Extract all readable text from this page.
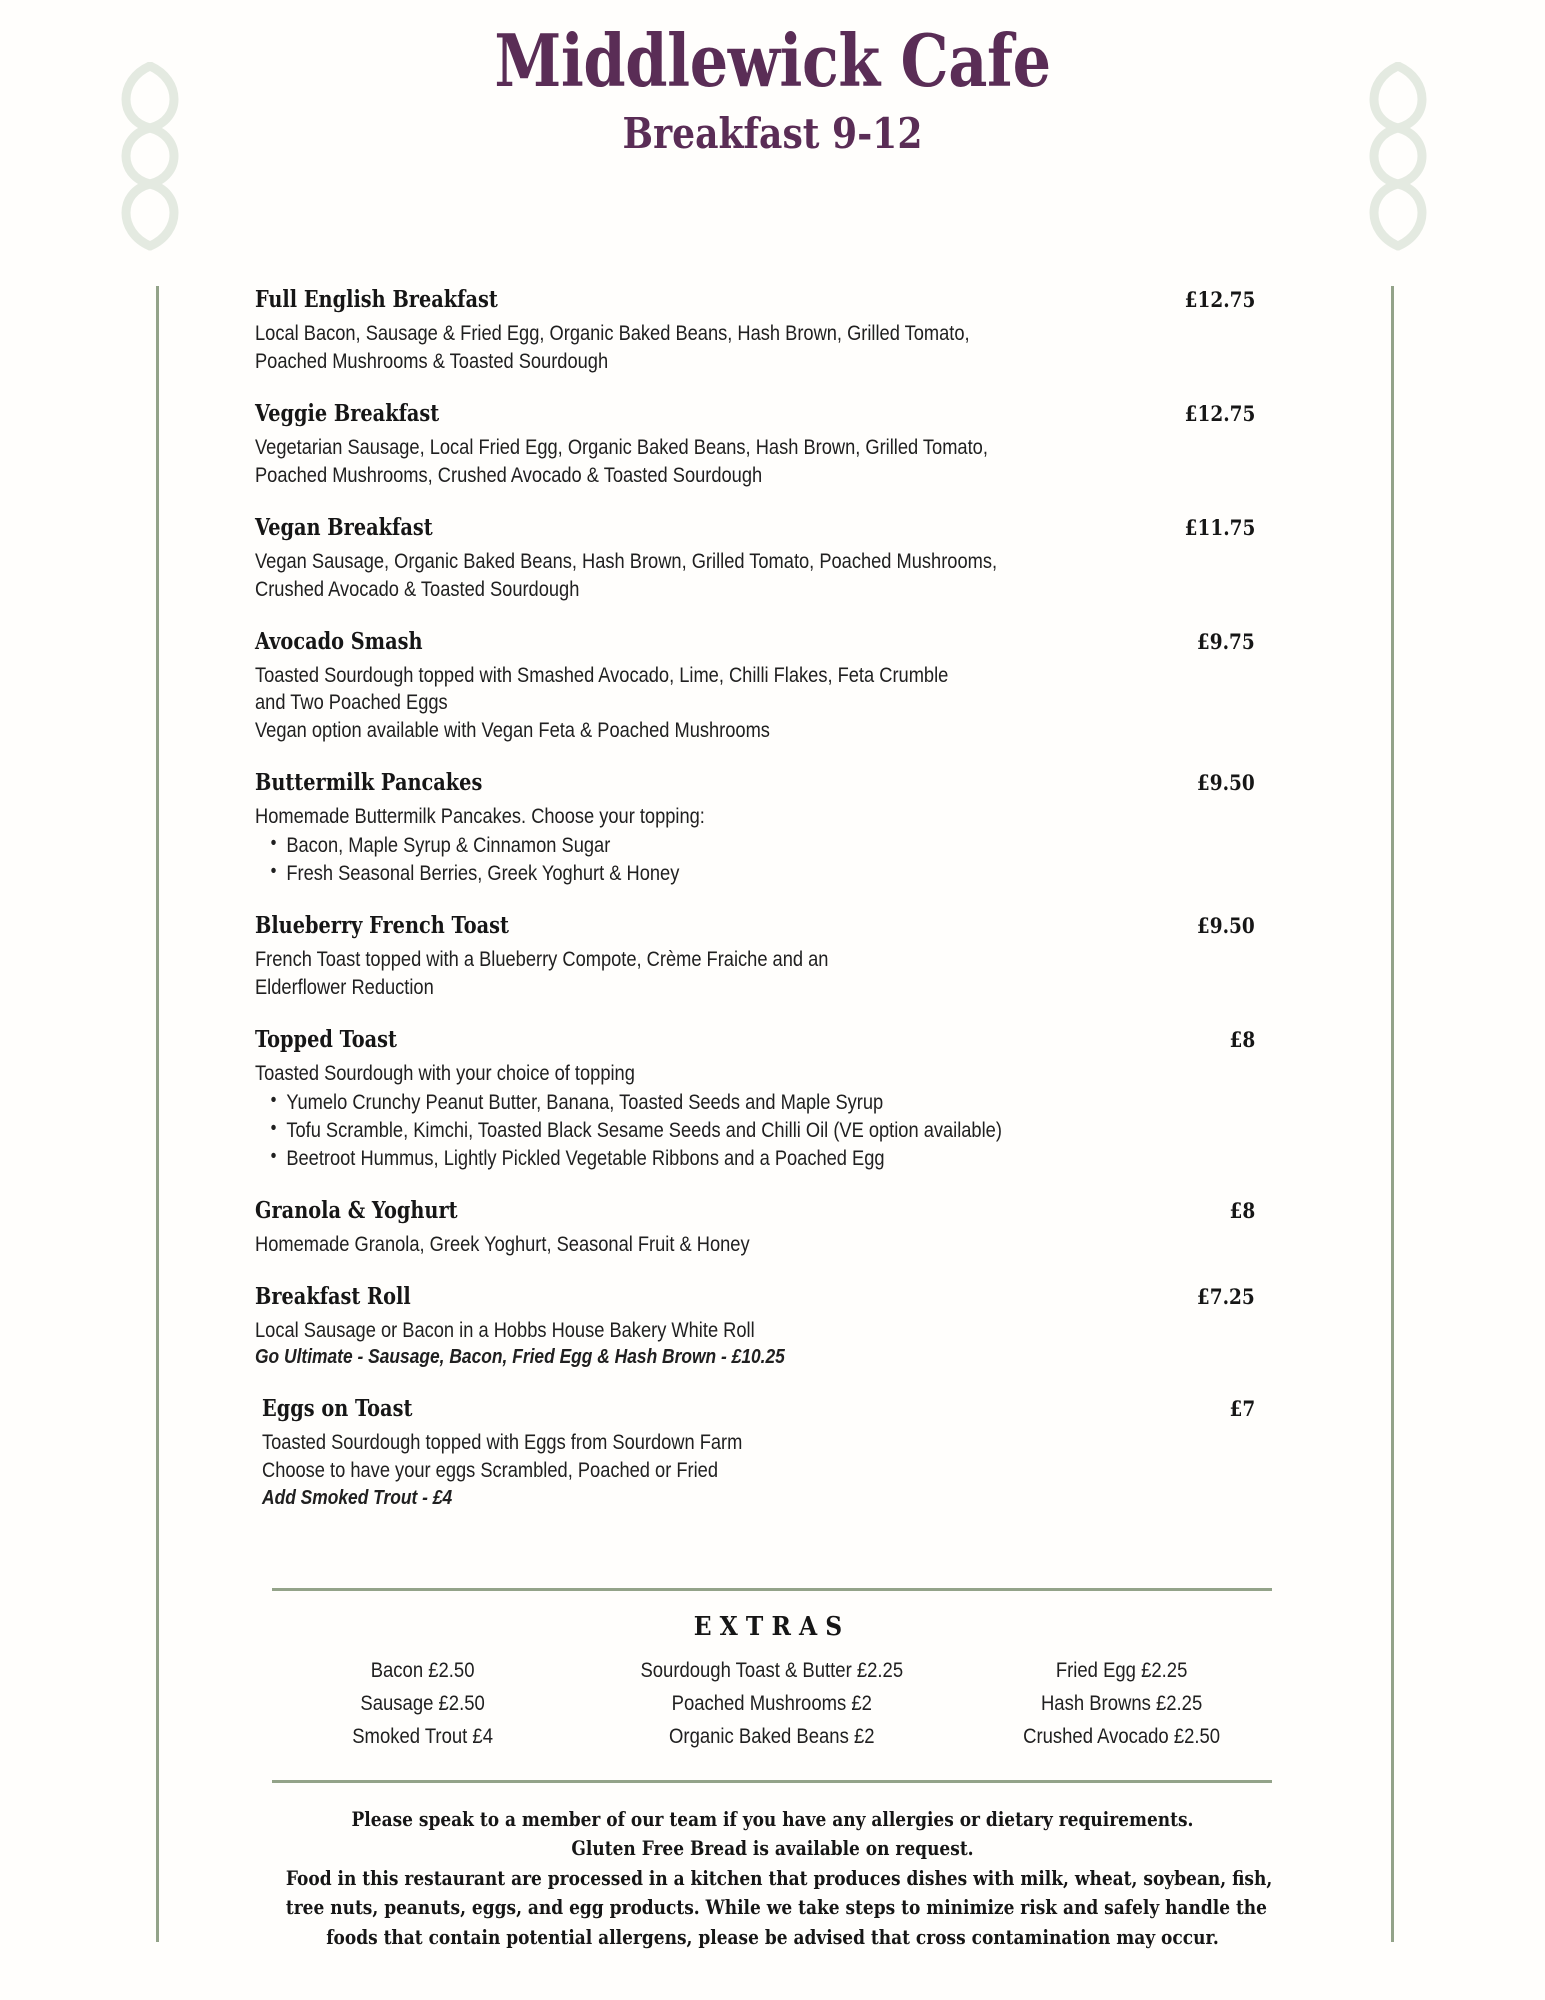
Middlewick Cafe
Breakfast 9-12
Full English Breakfast	£12.75
Local Bacon, Sausage & Fried Egg, Organic Baked Beans, Hash Brown, Grilled Tomato,
Poached Mushrooms & Toasted Sourdough
Veggie Breakfast	£12.75
Vegetarian Sausage, Local Fried Egg, Organic Baked Beans, Hash Brown, Grilled Tomato,
Poached Mushrooms, Crushed Avocado & Toasted Sourdough
Vegan Breakfast	£11.75
Vegan Sausage, Organic Baked Beans, Hash Brown, Grilled Tomato, Poached Mushrooms,
Crushed Avocado & Toasted Sourdough
Avocado Smash	£9.75
Toasted Sourdough topped with Smashed Avocado, Lime, Chilli Flakes, Feta Crumble
and Two Poached Eggs
Vegan option available with Vegan Feta & Poached Mushrooms
Buttermilk Pancakes	£9.50
Homemade Buttermilk Pancakes. Choose your topping:
• Bacon, Maple Syrup & Cinnamon Sugar
• Fresh Seasonal Berries, Greek Yoghurt & Honey
Blueberry French Toast	£9.50
French Toast topped with a Blueberry Compote, Crème Fraiche and an
Elderflower Reduction
Topped Toast	£8
Toasted Sourdough with your choice of topping
• Yumelo Crunchy Peanut Butter, Banana, Toasted Seeds and Maple Syrup
• Tofu Scramble, Kimchi, Toasted Black Sesame Seeds and Chilli Oil (VE option available)
• Beetroot Hummus, Lightly Pickled Vegetable Ribbons and a Poached Egg
Granola & Yoghurt	£8
Homemade Granola, Greek Yoghurt, Seasonal Fruit & Honey
Breakfast Roll	£7.25
Local Sausage or Bacon in a Hobbs House Bakery White Roll
Go Ultimate - Sausage, Bacon, Fried Egg & Hash Brown - £10.25
Eggs on Toast	£7
Toasted Sourdough topped with Eggs from Sourdown Farm
Choose to have your eggs Scrambled, Poached or Fried
Add Smoked Trout - £4
EXTRAS
Bacon £2.50	Sourdough Toast & Butter £2.25	Fried Egg £2.25
Sausage £2.50	Poached Mushrooms £2	Hash Browns £2.25
Smoked Trout £4	Organic Baked Beans £2	Crushed Avocado £2.50
Please speak to a member of our team if you have any allergies or dietary requirements.
Gluten Free Bread is available on request.
Food in this restaurant are processed in a kitchen that produces dishes with milk, wheat, soybean, fish,
tree nuts, peanuts, eggs, and egg products. While we take steps to minimize risk and safely handle the
foods that contain potential allergens, please be advised that cross contamination may occur.
